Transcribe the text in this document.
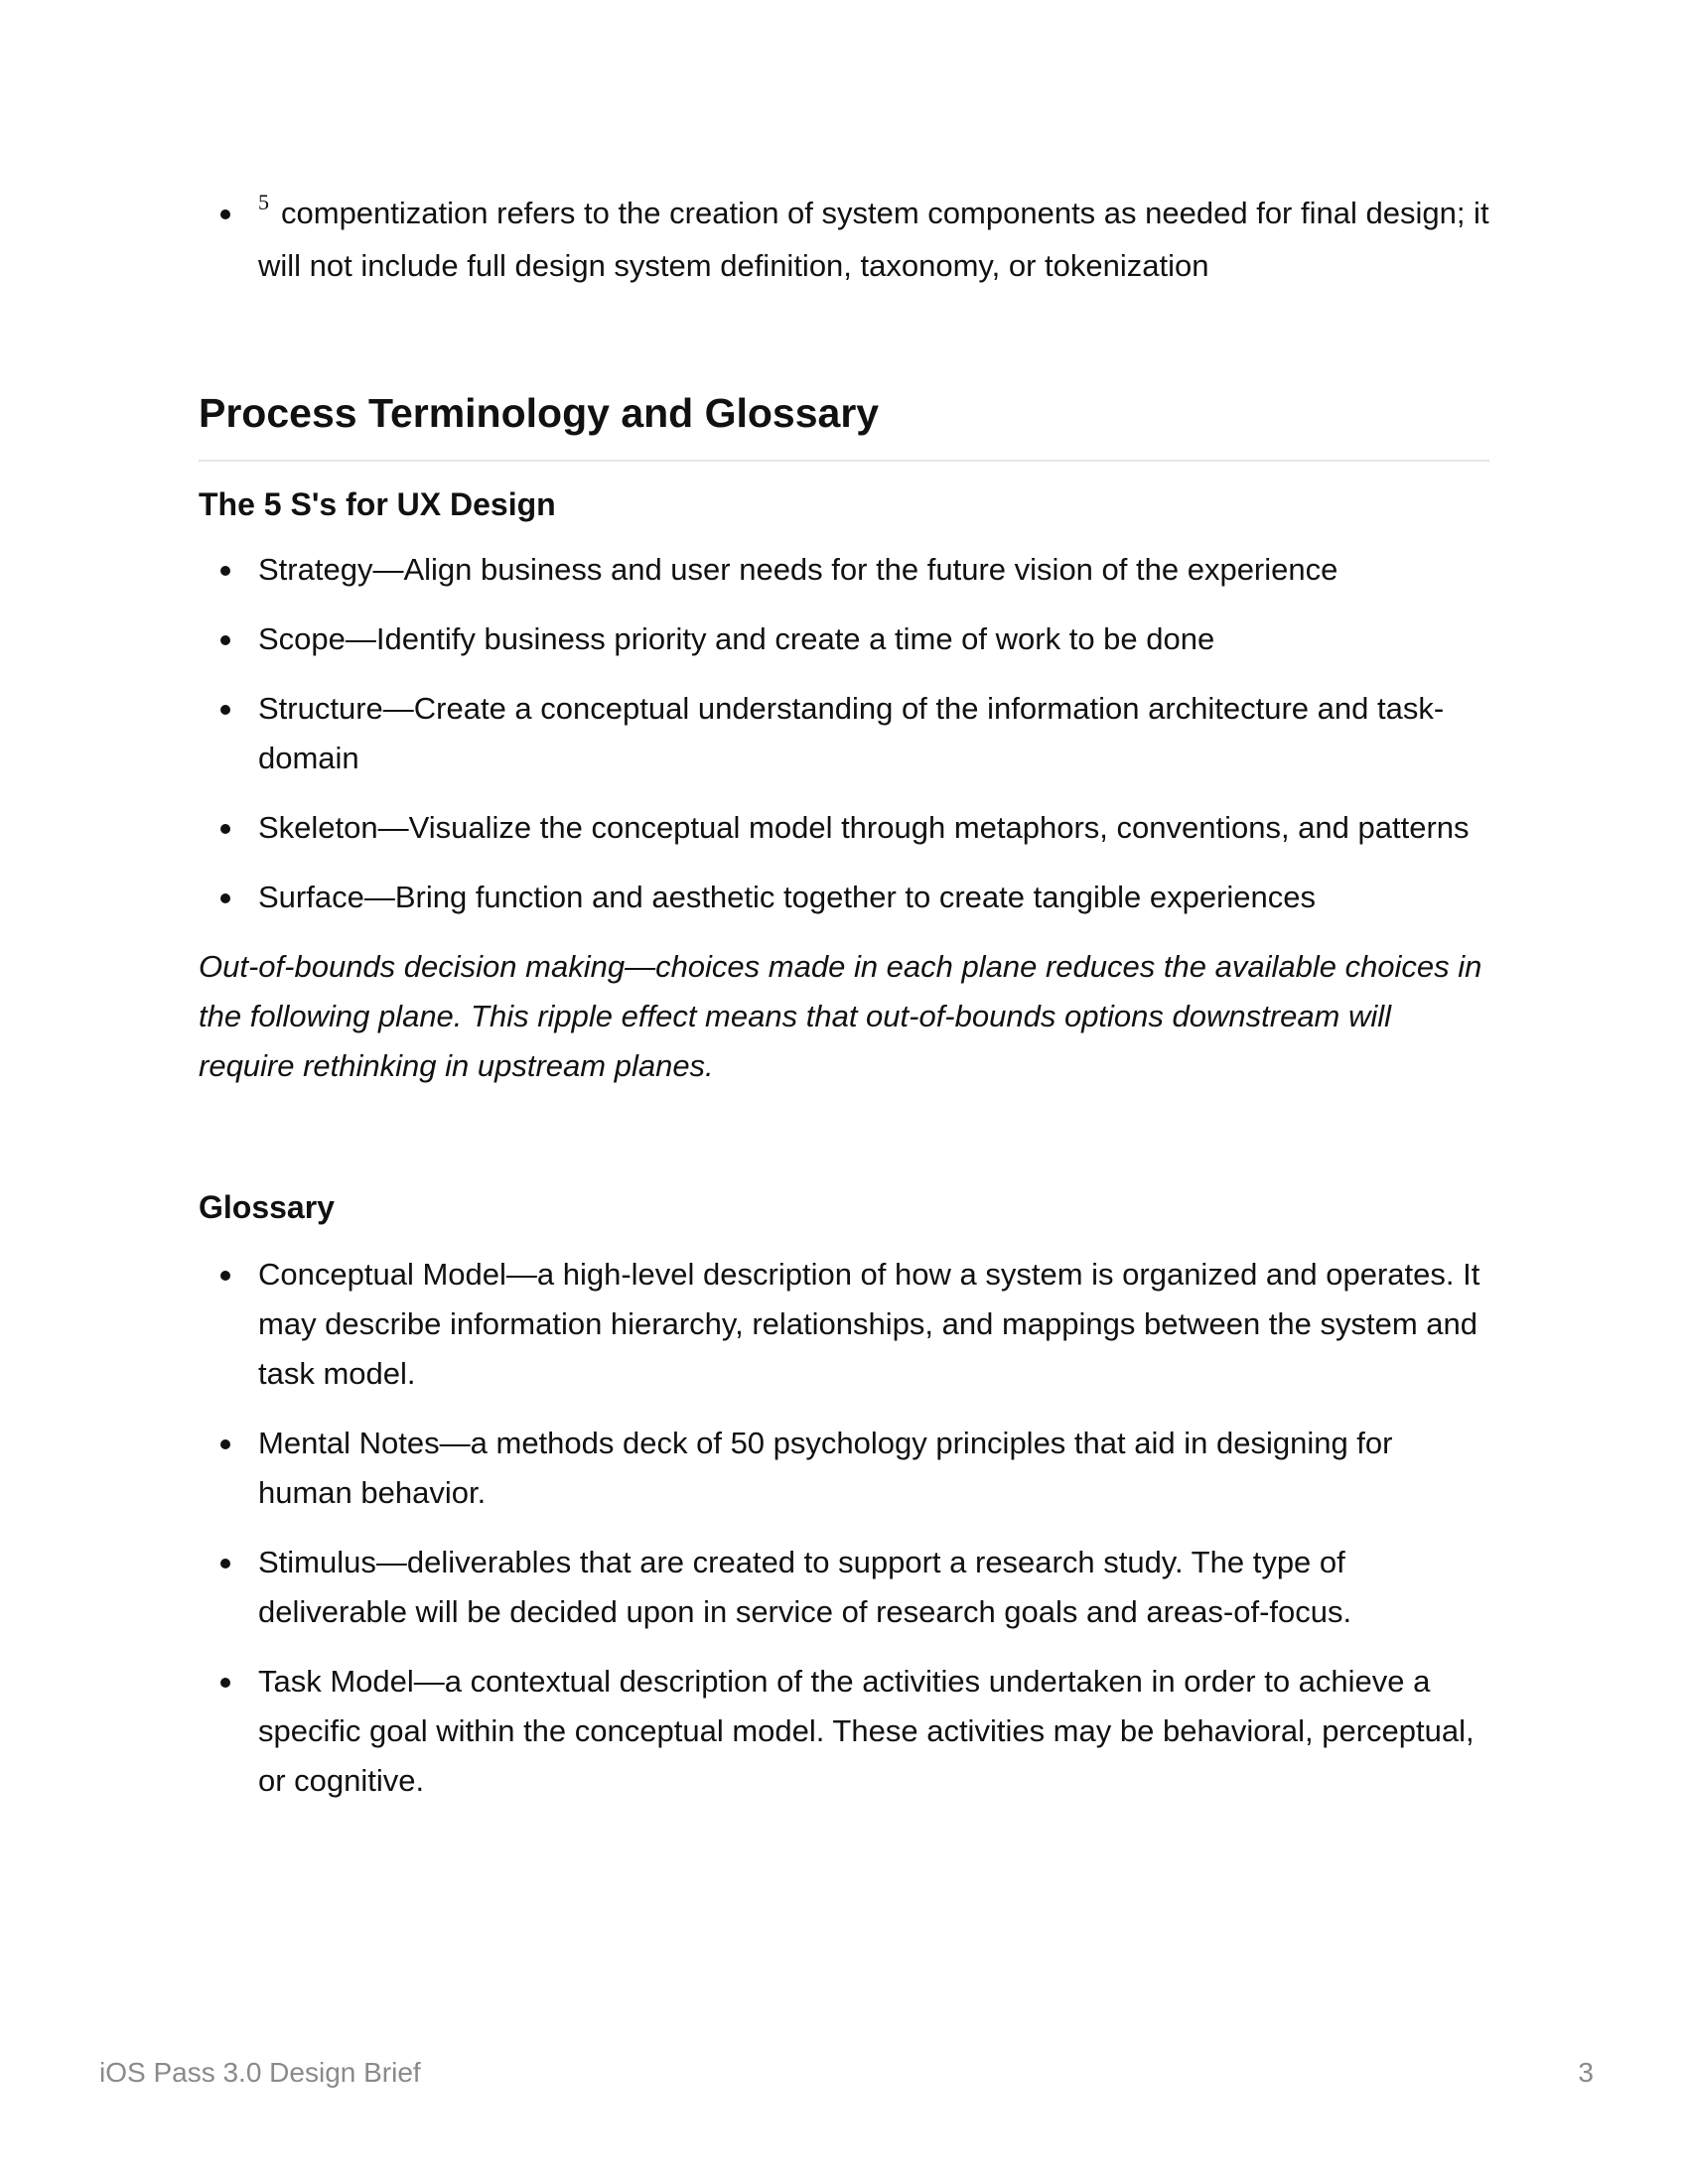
$^5$ compentization refers to the creation of system components as needed for final design; it will not include full design system definition, taxonomy, or tokenization
Process Terminology and Glossary
The 5 S's for UX Design
Strategy—Align business and user needs for the future vision of the experience
Scope—Identify business priority and create a time of work to be done
Structure—Create a conceptual understanding of the information architecture and task-domain
Skeleton—Visualize the conceptual model through metaphors, conventions, and patterns
Surface—Bring function and aesthetic together to create tangible experiences

Out-of-bounds decision making—choices made in each plane reduces the available choices in the following plane. This ripple effect means that out-of-bounds options downstream will require rethinking in upstream planes.

Glossary
Conceptual Model—a high-level description of how a system is organized and operates. It may describe information hierarchy, relationships, and mappings between the system and task model.
Mental Notes—a methods deck of 50 psychology principles that aid in designing for human behavior.
Stimulus—deliverables that are created to support a research study. The type of deliverable will be decided upon in service of research goals and areas-of-focus.
Task Model—a contextual description of the activities undertaken in order to achieve a specific goal within the conceptual model. These activities may be behavioral, perceptual, or cognitive.
iOS Pass 3.0 Design Brief	3
